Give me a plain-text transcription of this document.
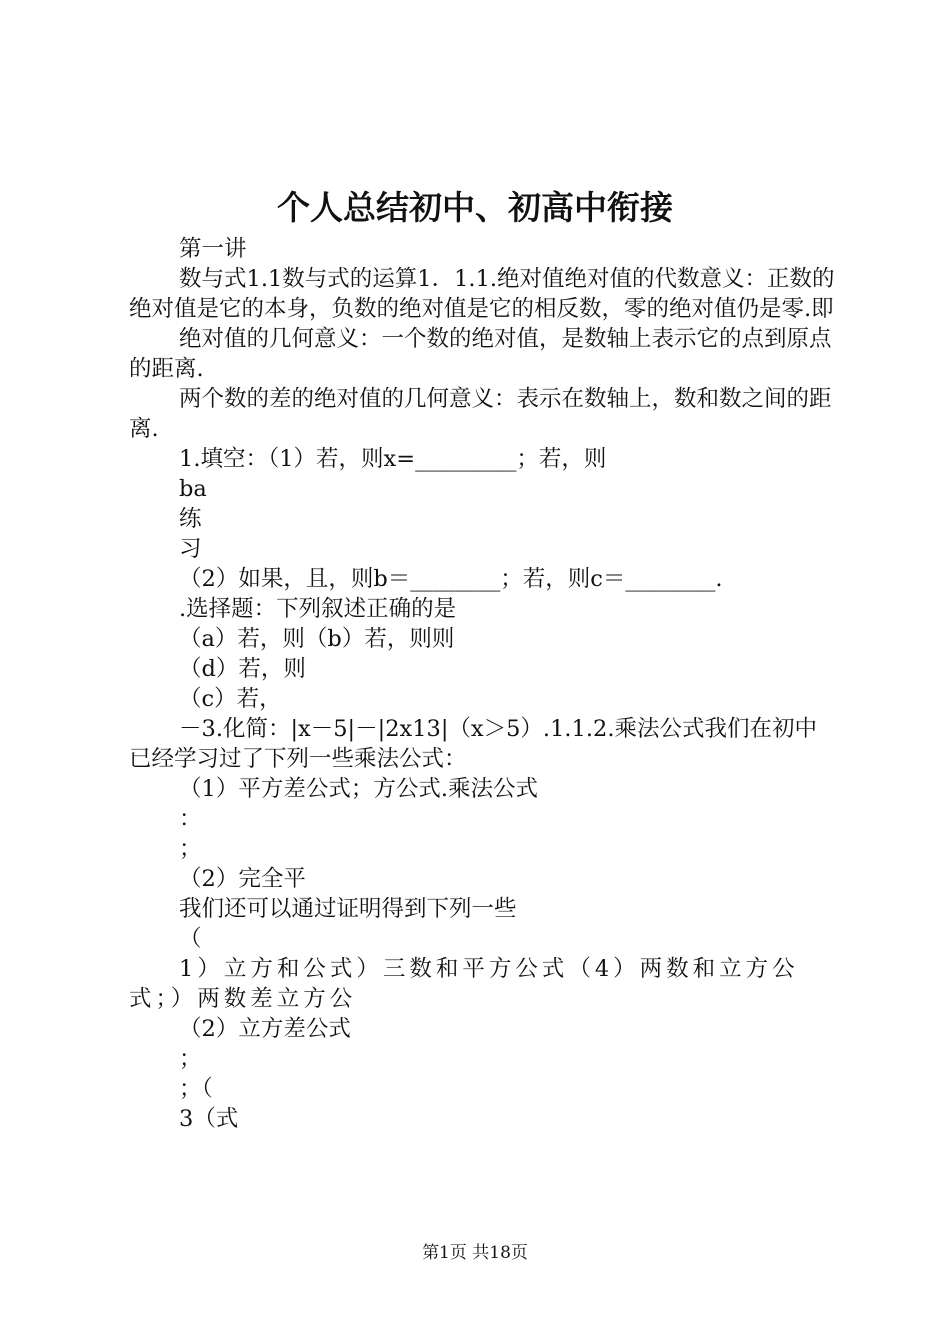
个人总结初中、初高中衔接

第一讲

数与式1.1数与式的运算1．1.1.绝对值绝对值的代数意义：正数的绝对值是它的本身，负数的绝对值是它的相反数，零的绝对值仍是零.即

绝对值的几何意义：一个数的绝对值，是数轴上表示它的点到原点的距离.

两个数的差的绝对值的几何意义：表示在数轴上，数和数之间的距离.

1.填空：（1）若，则x=_________；若，则

ba

练

习

（2）如果，且，则b＝________；若，则c＝________.

.选择题：下列叙述正确的是

（a）若，则（b）若，则则

（d）若，则

（c）若，

－3.化简：|x－5|－|2x13|（x＞5）.1.1.2.乘法公式我们在初中已经学习过了下列一些乘法公式：

（1）平方差公式；方公式.乘法公式

：

；

（2）完全平

我们还可以通过证明得到下列一些

（

1）立方和公式）三数和平方公式（4）两数和立方公式；）两数差立方公

（2）立方差公式

；

；（

3（式

第1页 共18页
